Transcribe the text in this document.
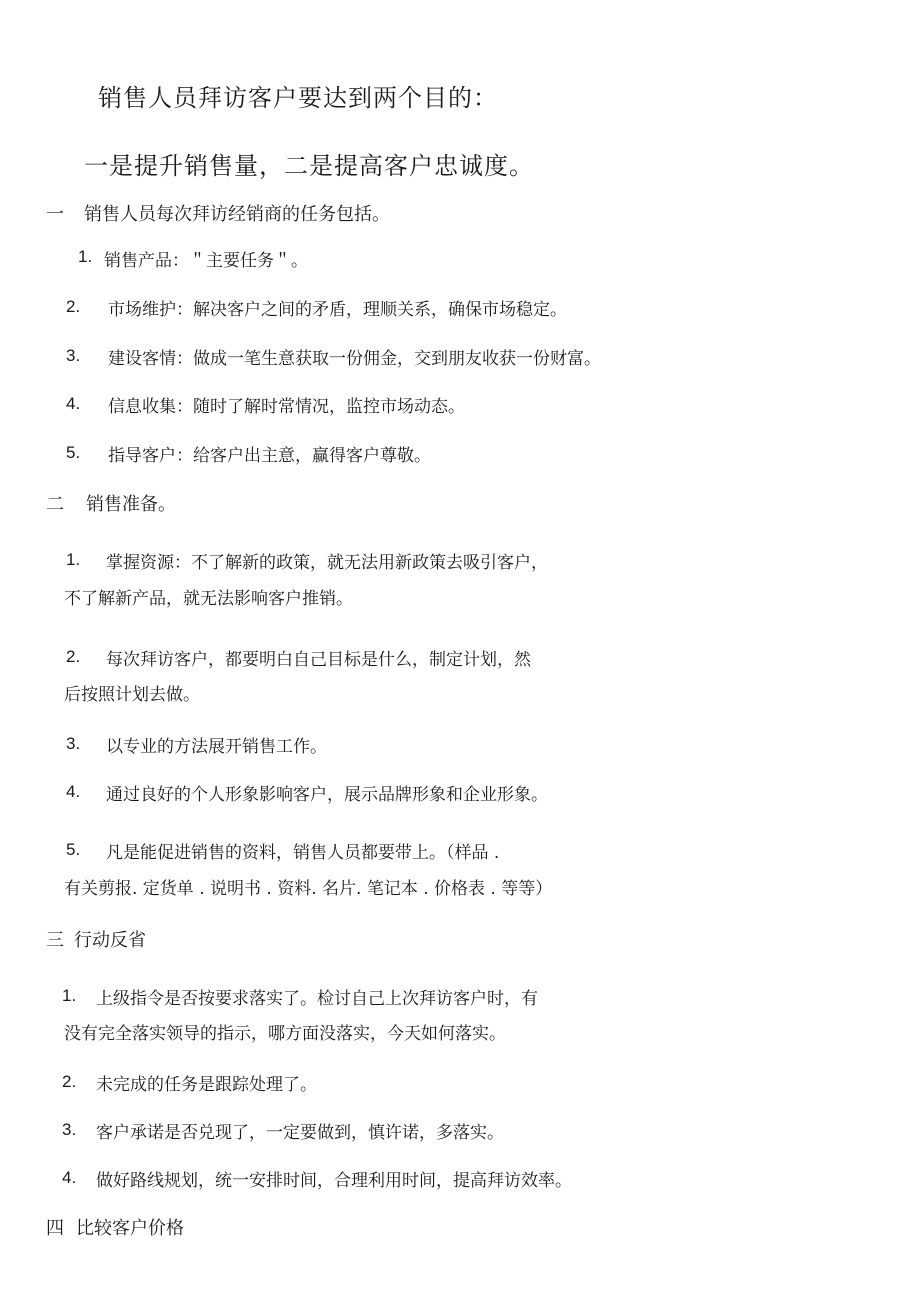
销售人员拜访客户要达到两个目的：
一是提升销售量，二是提高客户忠诚度。
一 销售人员每次拜访经销商的任务包括。
1. 销售产品：＂主要任务＂。
2. 市场维护：解决客户之间的矛盾，理顺关系，确保市场稳定。
3. 建设客情：做成一笔生意获取一份佣金，交到朋友收获一份财富。
4. 信息收集：随时了解时常情况，监控市场动态。
5. 指导客户：给客户出主意，赢得客户尊敬。
二 销售准备。
1. 掌握资源：不了解新的政策，就无法用新政策去吸引客户，
不了解新产品，就无法影响客户推销。
2. 每次拜访客户，都要明白自己目标是什么，制定计划，然
后按照计划去做。
3. 以专业的方法展开销售工作。
4. 通过良好的个人形象影响客户，展示品牌形象和企业形象。
5. 凡是能促进销售的资料，销售人员都要带上。（样品 .
有关剪报. 定货单 . 说明书 . 资料. 名片. 笔记本 . 价格表 . 等等）
三 行动反省
1. 上级指令是否按要求落实了。检讨自己上次拜访客户时，有
没有完全落实领导的指示，哪方面没落实，今天如何落实。
2. 未完成的任务是跟踪处理了。
3. 客户承诺是否兑现了，一定要做到，慎许诺，多落实。
4. 做好路线规划，统一安排时间，合理利用时间，提高拜访效率。
四 比较客户价格
